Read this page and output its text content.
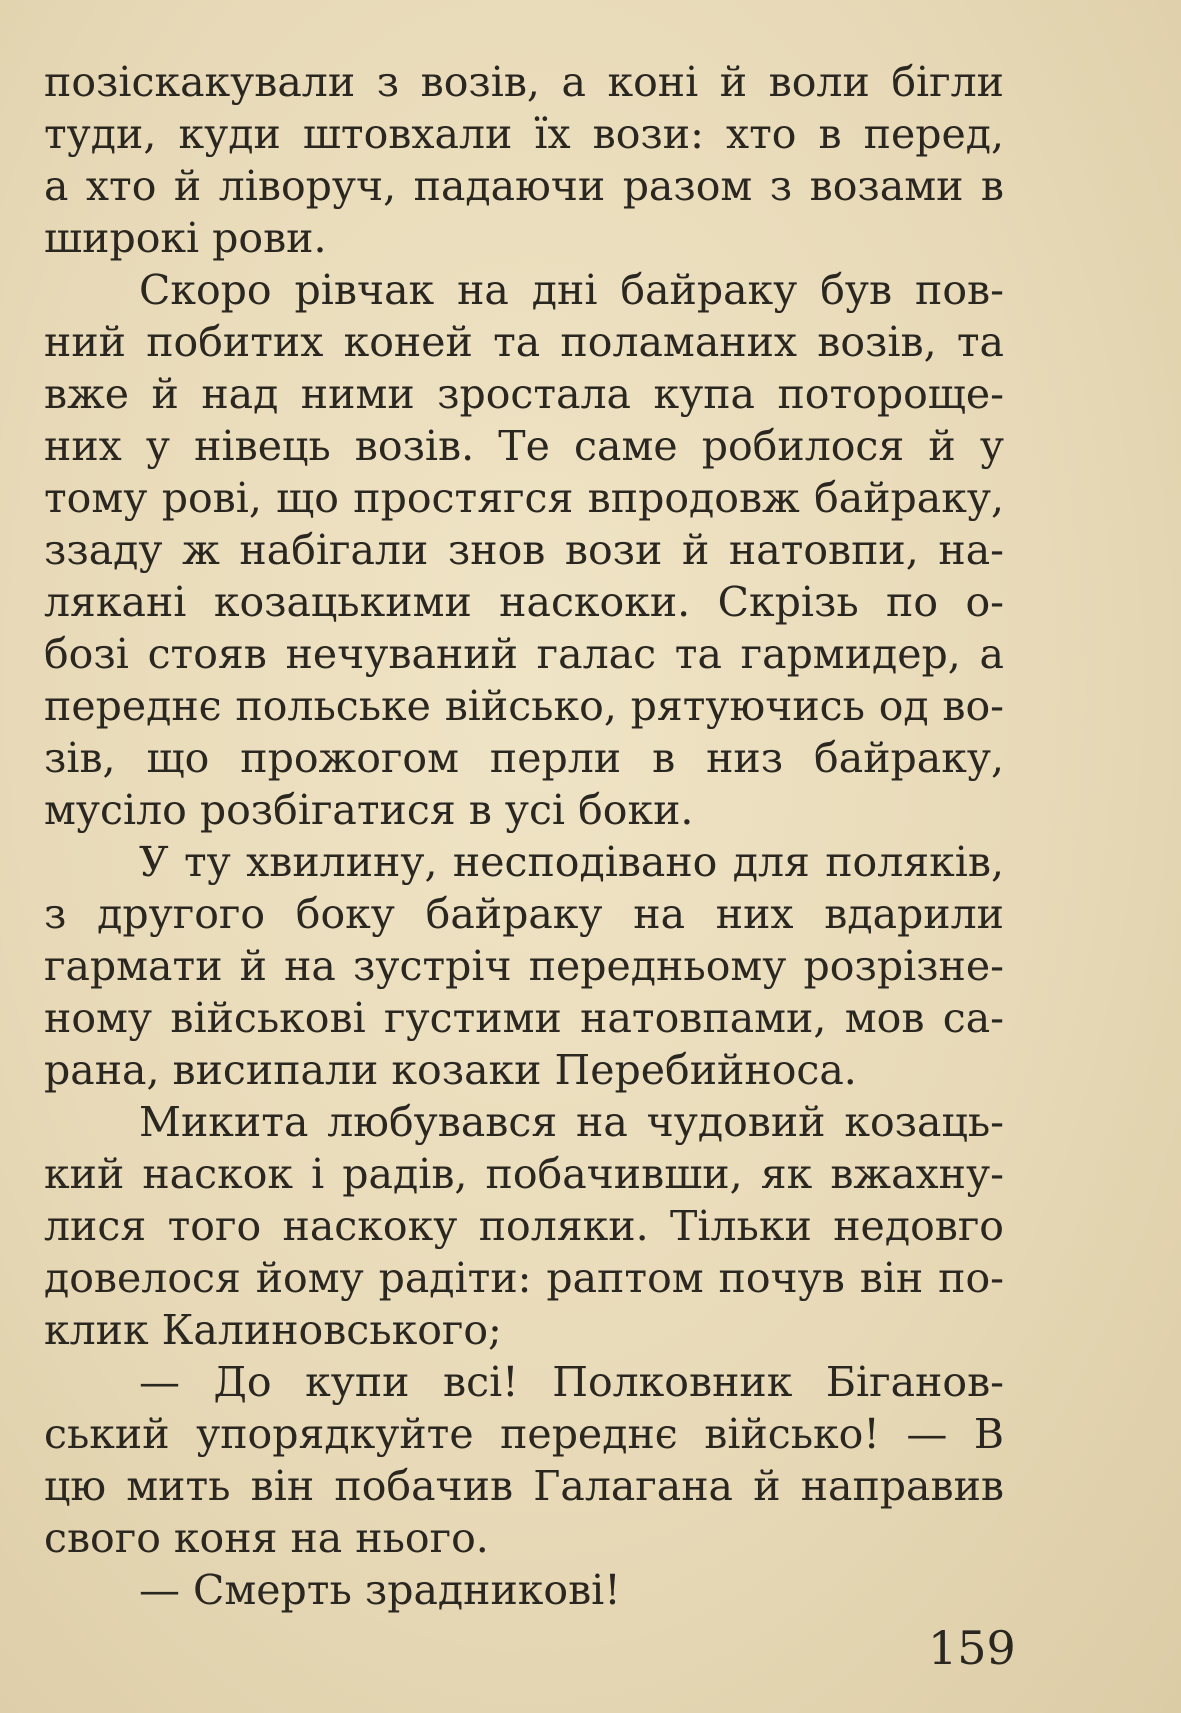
позіскакували з возів, а коні й воли бігли
туди, куди штовхали їх вози: хто в перед,
а хто й ліворуч, падаючи разом з возами в
широкі рови.
Скоро рівчак на дні байраку був пов-
ний побитих коней та поламаних возів, та
вже й над ними зростала купа потороще-
них у нівець возів. Те саме робилося й у
тому рові, що простягся впродовж байраку,
ззаду ж набігали знов вози й натовпи, на-
лякані козацькими наскоки. Скрізь по о-
бозі стояв нечуваний галас та гармидер, а
переднє польське військо, рятуючись од во-
зів, що прожогом перли в низ байраку,
мусіло розбігатися в усі боки.
У ту хвилину, несподівано для поляків,
з другого боку байраку на них вдарили
гармати й на зустріч передньому розрізне-
ному військові густими натовпами, мов са-
рана, висипали козаки Перебийноса.
Микита любувався на чудовий козаць-
кий наскок і радів, побачивши, як вжахну-
лися того наскоку поляки. Тільки недовго
довелося йому радіти: раптом почув він по-
клик Калиновського;
— До купи всі! Полковник Біганов-
ський упорядкуйте переднє військо! — В
цю мить він побачив Галагана й направив
свого коня на нього.
— Смерть зрадникові!
159
